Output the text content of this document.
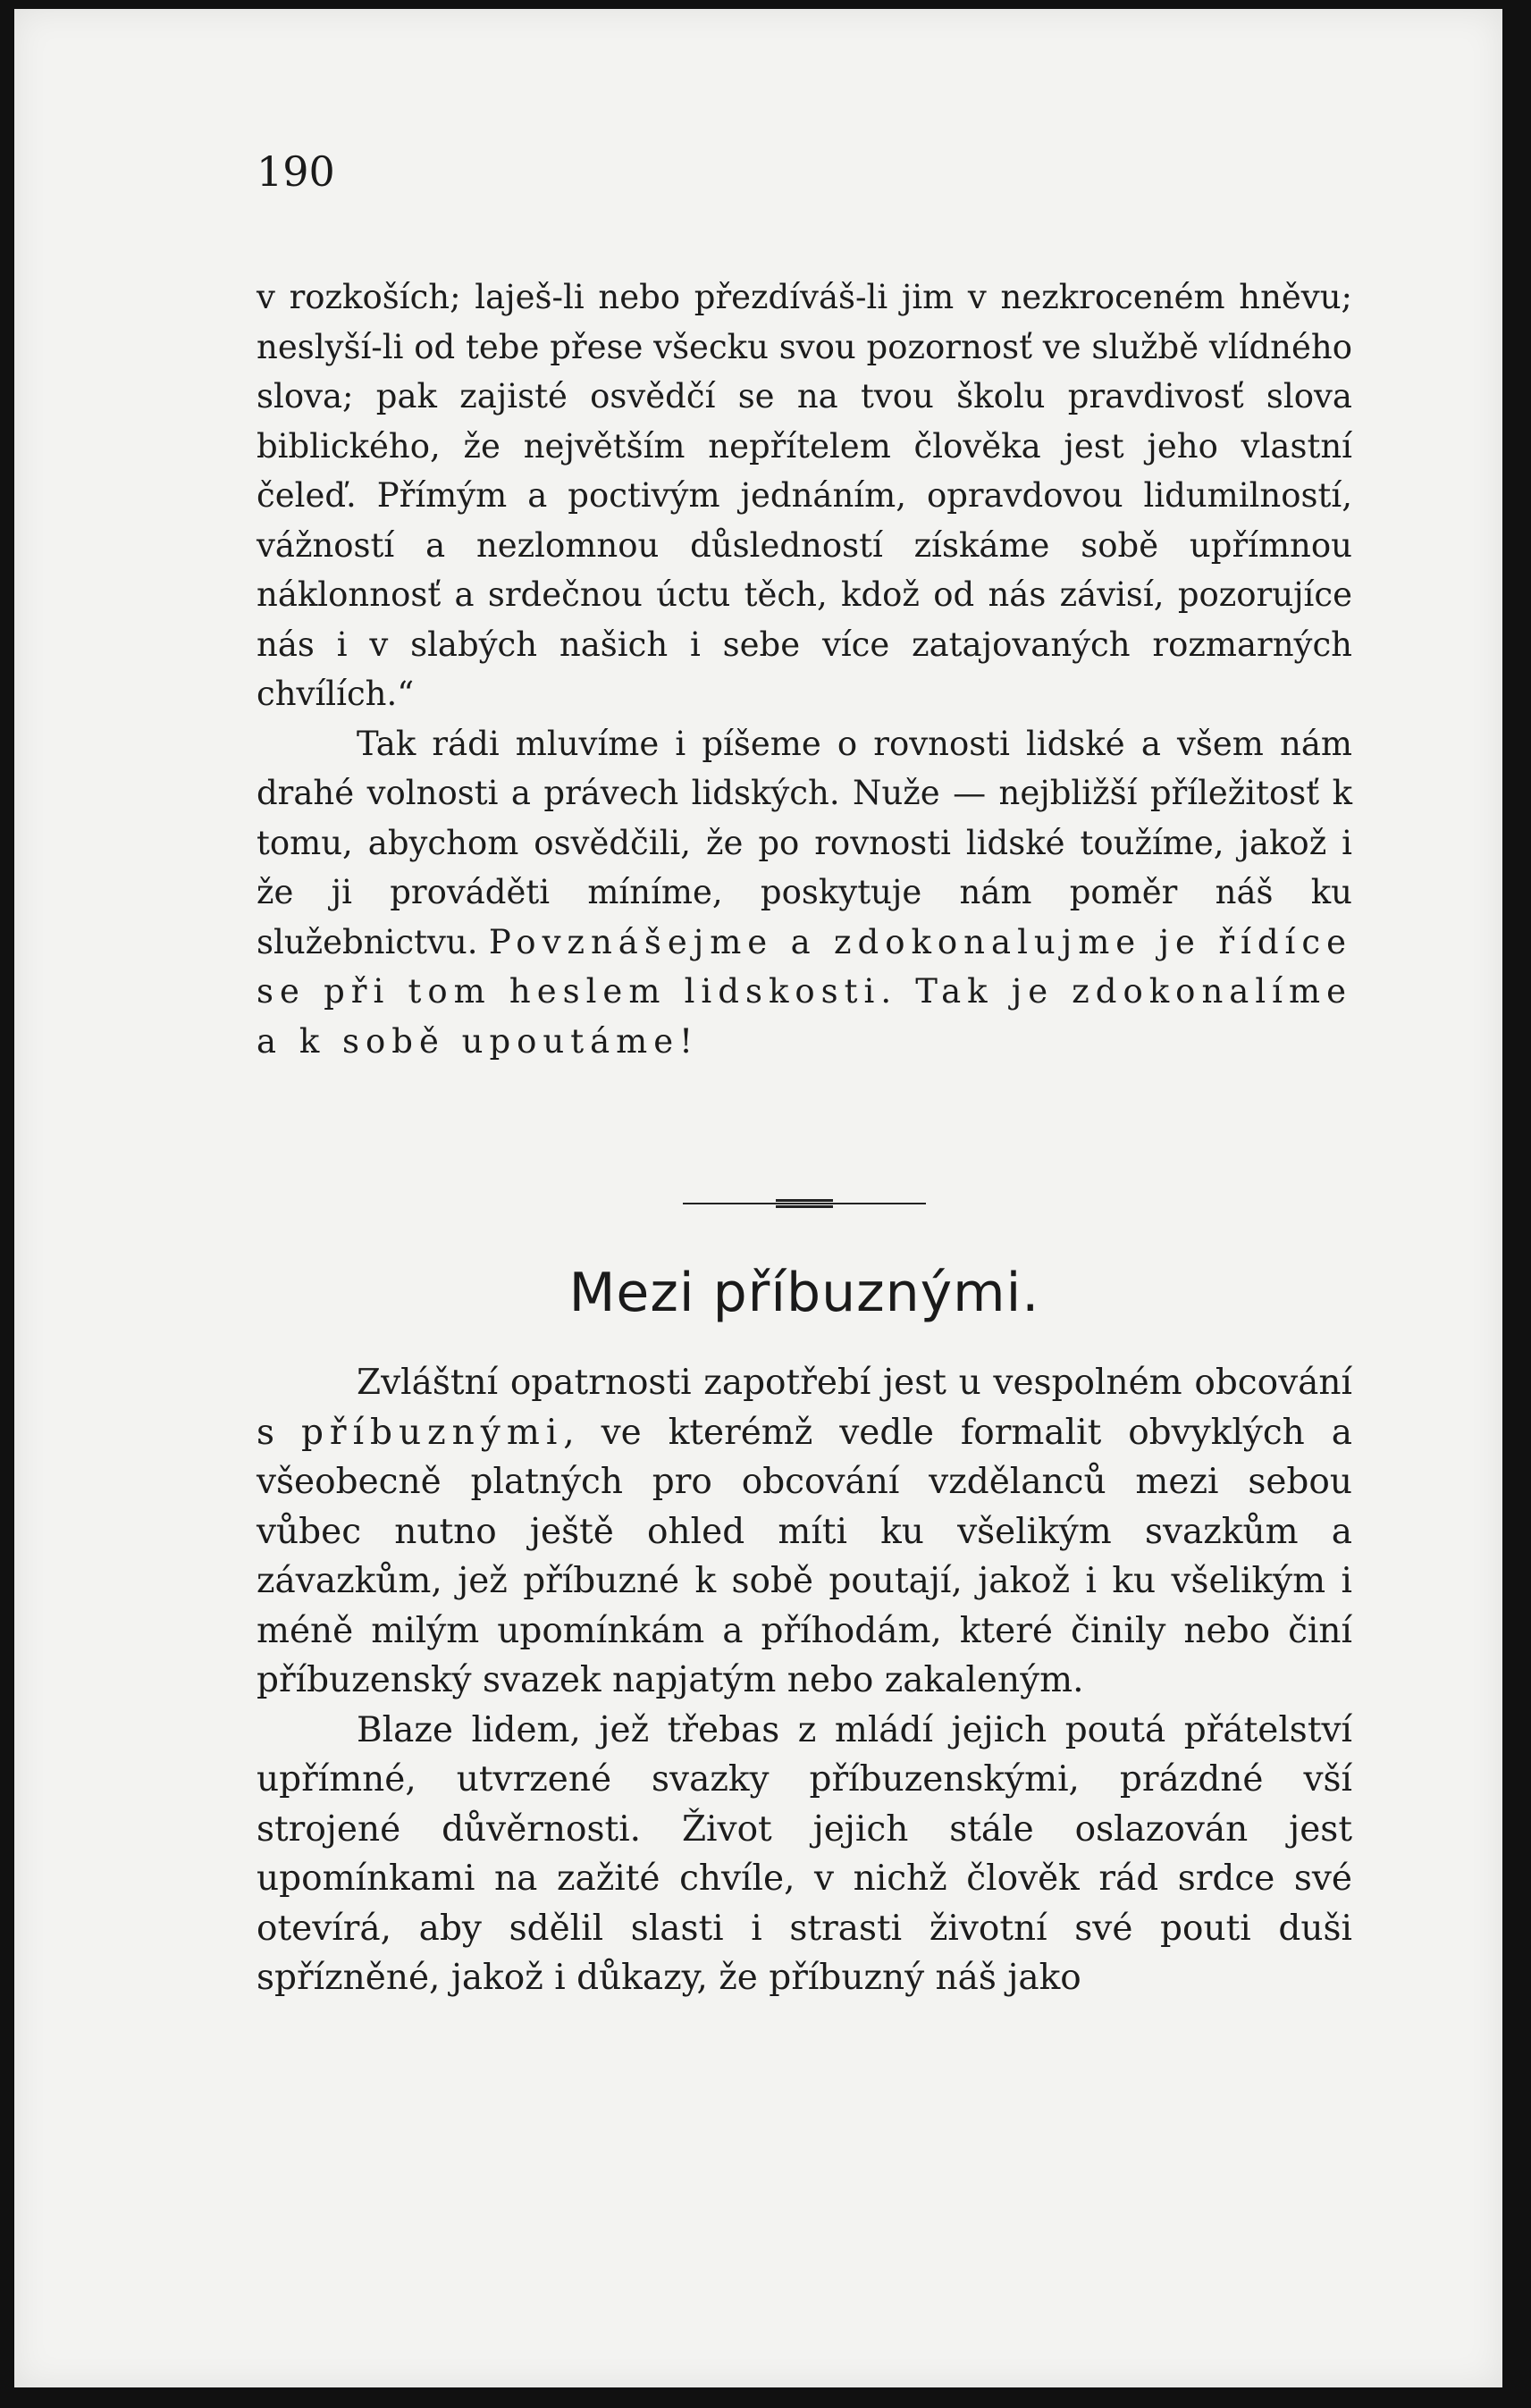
190

v rozkoších; laješ-li nebo přezdíváš-li jim v nezkroceném hněvu; neslyší-li od tebe přese všecku svou pozornosť ve službě vlídného slova; pak zajisté osvědčí se na tvou školu pravdivosť slova biblického, že největším nepřítelem člověka jest jeho vlastní čeleď. Přímým a poctivým jednáním, opravdovou lidumilností, vážností a nezlomnou důsledností získáme sobě upřímnou náklonnosť a srdečnou úctu těch, kdož od nás závisí, pozorujíce nás i v slabých našich i sebe více zatajovaných rozmarných chvílích.“

Tak rádi mluvíme i píšeme o rovnosti lidské a všem nám drahé volnosti a právech lidských. Nuže — nejbližší příležitosť k tomu, abychom osvědčili, že po rovnosti lidské toužíme, jakož i že ji prováděti míníme, poskytuje nám poměr náš ku služebnictvu. Povznášejme a zdokonalujme je řídíce se při tom heslem lidskosti. Tak je zdokonalíme a k sobě upoutáme!

Mezi příbuznými.

Zvláštní opatrnosti zapotřebí jest u vespolném obcování s příbuznými, ve kterémž vedle formalit obvyklých a všeobecně platných pro obcování vzdělanců mezi sebou vůbec nutno ještě ohled míti ku všelikým svazkům a závazkům, jež příbuzné k sobě poutají, jakož i ku všelikým i méně milým upomínkám a příhodám, které činily nebo činí příbuzenský svazek napjatým nebo zakaleným.

Blaze lidem, jež třebas z mládí jejich poutá přátelství upřímné, utvrzené svazky příbuzenskými, prázdné vší strojené důvěrnosti. Život jejich stále oslazován jest upomínkami na zažité chvíle, v nichž člověk rád srdce své otevírá, aby sdělil slasti i strasti životní své pouti duši spřízněné, jakož i důkazy, že příbuzný náš jako
